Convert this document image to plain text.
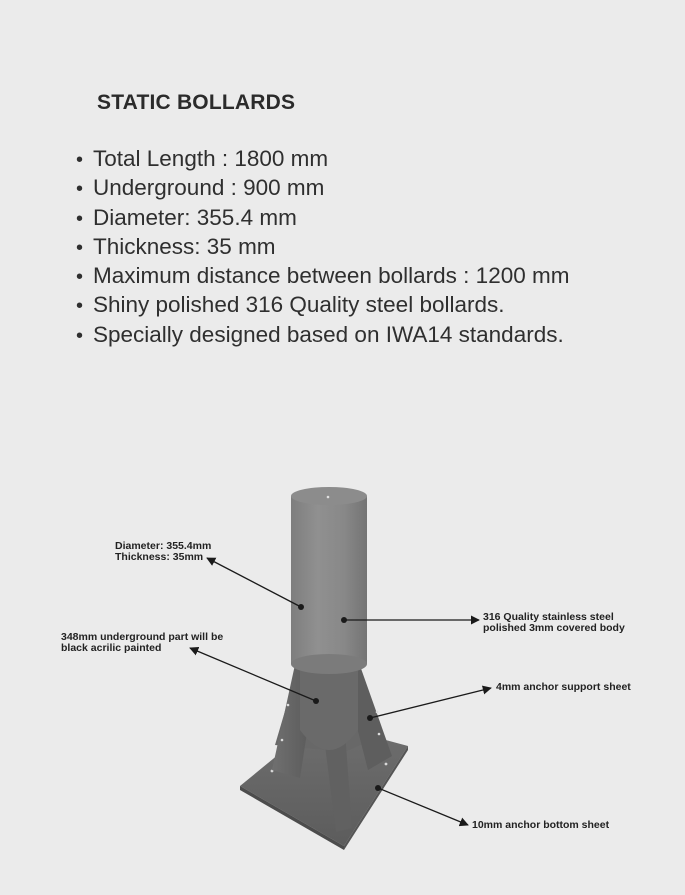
STATIC BOLLARDS
• Total Length : 1800 mm
• Underground : 900 mm
• Diameter: 355.4 mm
• Thickness: 35 mm
• Maximum distance between bollards : 1200 mm
• Shiny polished 316 Quality steel bollards.
• Specially designed based on IWA14 standards.
Diameter: 355.4mm
Thickness: 35mm
348mm underground part will be
black acrilic painted
316 Quality stainless steel
polished 3mm covered body
4mm anchor support sheet
10mm anchor bottom sheet
